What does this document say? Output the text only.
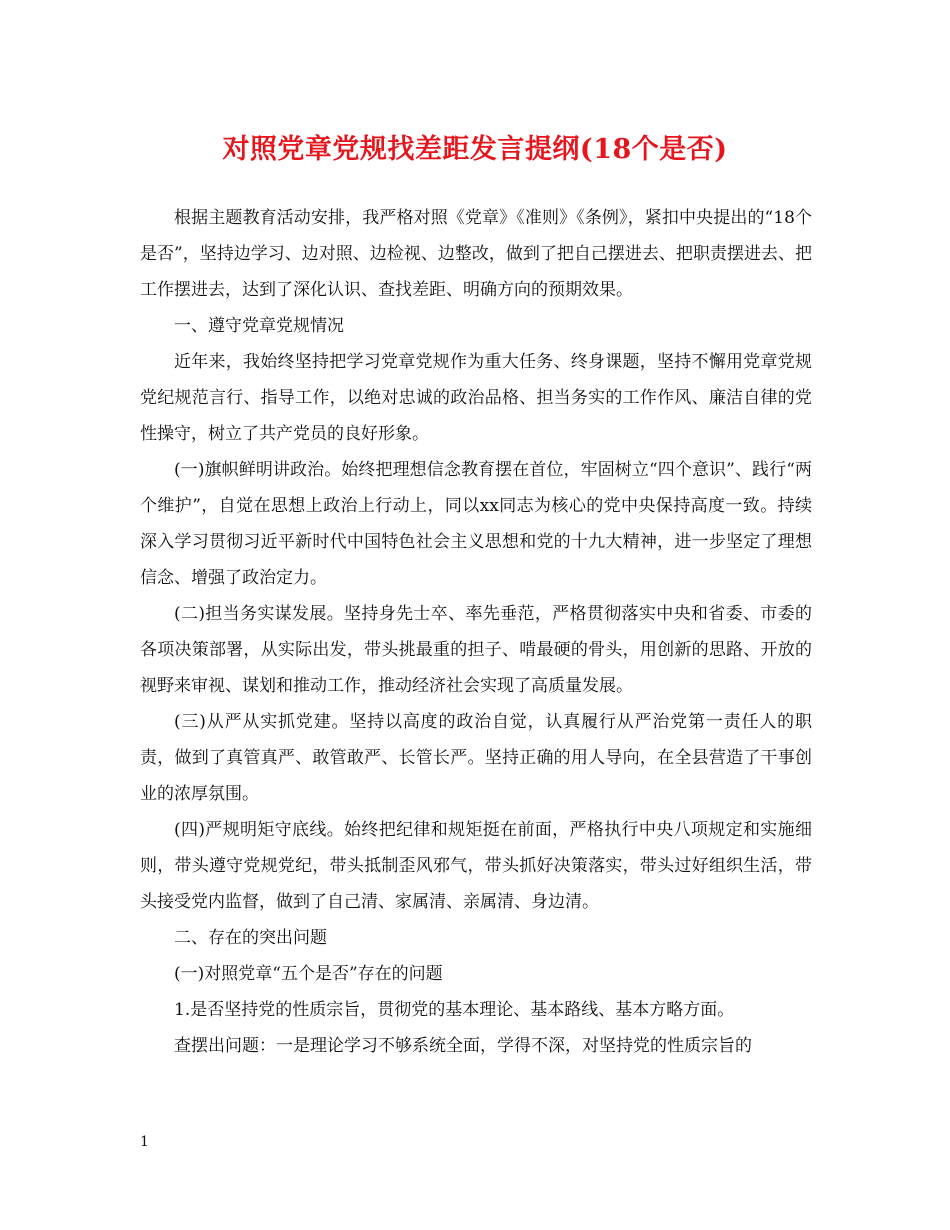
对照党章党规找差距发言提纲(18个是否)

根据主题教育活动安排，我严格对照《党章》《准则》《条例》，紧扣中央提出的“18个是否”，坚持边学习、边对照、边检视、边整改，做到了把自己摆进去、把职责摆进去、把工作摆进去，达到了深化认识、查找差距、明确方向的预期效果。

一、遵守党章党规情况

近年来，我始终坚持把学习党章党规作为重大任务、终身课题，坚持不懈用党章党规党纪规范言行、指导工作，以绝对忠诚的政治品格、担当务实的工作作风、廉洁自律的党性操守，树立了共产党员的良好形象。

(一)旗帜鲜明讲政治。始终把理想信念教育摆在首位，牢固树立“四个意识”、践行“两个维护”，自觉在思想上政治上行动上，同以xx同志为核心的党中央保持高度一致。持续深入学习贯彻习近平新时代中国特色社会主义思想和党的十九大精神，进一步坚定了理想信念、增强了政治定力。

(二)担当务实谋发展。坚持身先士卒、率先垂范，严格贯彻落实中央和省委、市委的各项决策部署，从实际出发，带头挑最重的担子、啃最硬的骨头，用创新的思路、开放的视野来审视、谋划和推动工作，推动经济社会实现了高质量发展。

(三)从严从实抓党建。坚持以高度的政治自觉，认真履行从严治党第一责任人的职责，做到了真管真严、敢管敢严、长管长严。坚持正确的用人导向，在全县营造了干事创业的浓厚氛围。

(四)严规明矩守底线。始终把纪律和规矩挺在前面，严格执行中央八项规定和实施细则，带头遵守党规党纪，带头抵制歪风邪气，带头抓好决策落实，带头过好组织生活，带头接受党内监督，做到了自己清、家属清、亲属清、身边清。

二、存在的突出问题

(一)对照党章“五个是否”存在的问题

1.是否坚持党的性质宗旨，贯彻党的基本理论、基本路线、基本方略方面。

查摆出问题：一是理论学习不够系统全面，学得不深，对坚持党的性质宗旨的

1
